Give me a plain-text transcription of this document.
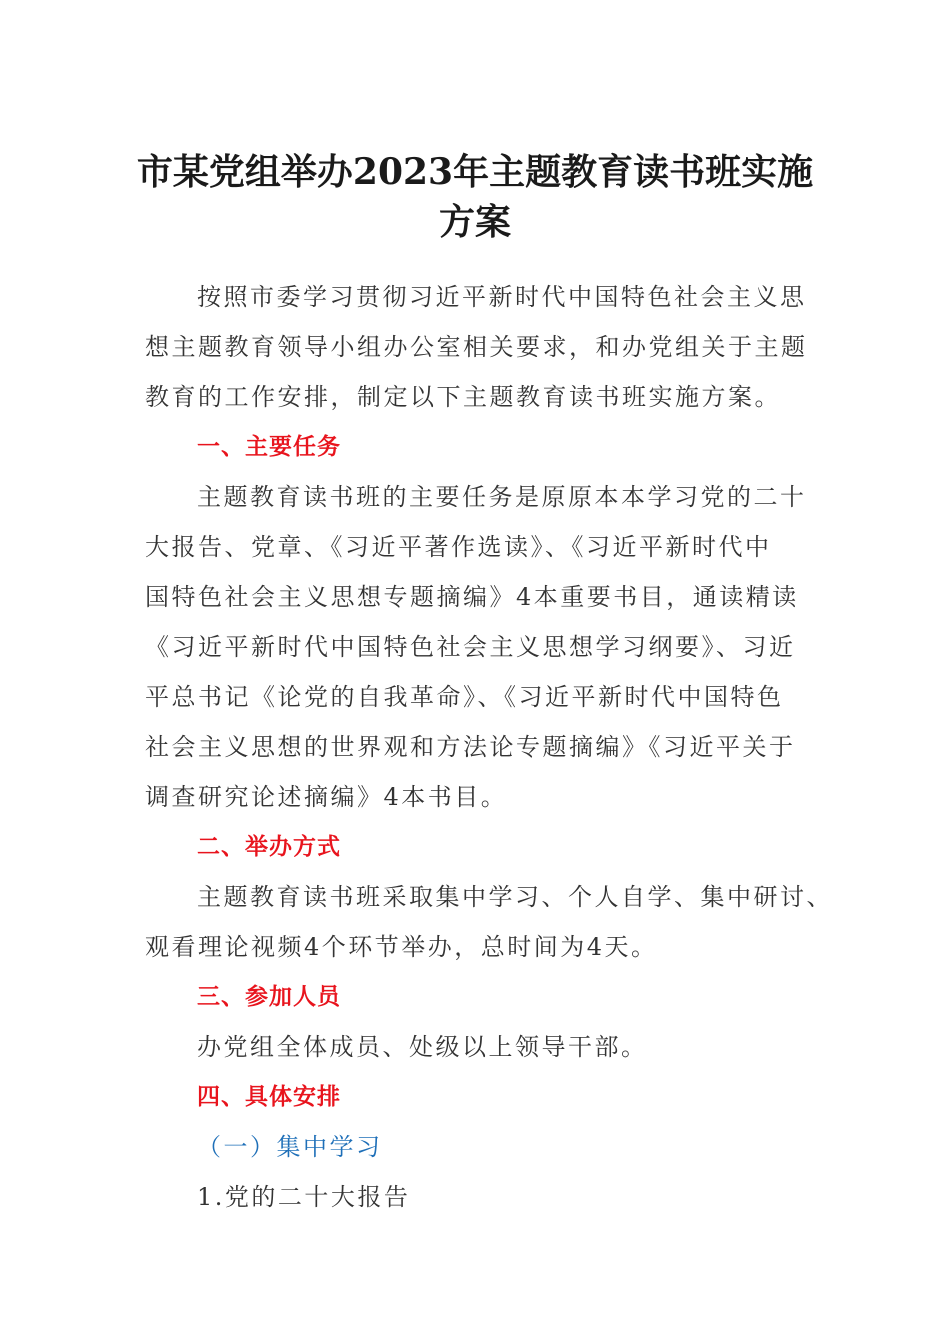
市某党组举办2023年主题教育读书班实施
方案
按照市委学习贯彻习近平新时代中国特色社会主义思
想主题教育领导小组办公室相关要求，和办党组关于主题
教育的工作安排，制定以下主题教育读书班实施方案。
一、主要任务
主题教育读书班的主要任务是原原本本学习党的二十
大报告、党章、《习近平著作选读》、《习近平新时代中
国特色社会主义思想专题摘编》4本重要书目，通读精读
《习近平新时代中国特色社会主义思想学习纲要》、习近
平总书记《论党的自我革命》、《习近平新时代中国特色
社会主义思想的世界观和方法论专题摘编》《习近平关于
调查研究论述摘编》4本书目。
二、举办方式
主题教育读书班采取集中学习、个人自学、集中研讨、
观看理论视频4个环节举办，总时间为4天。
三、参加人员
办党组全体成员、处级以上领导干部。
四、具体安排
（一）集中学习
1.党的二十大报告
